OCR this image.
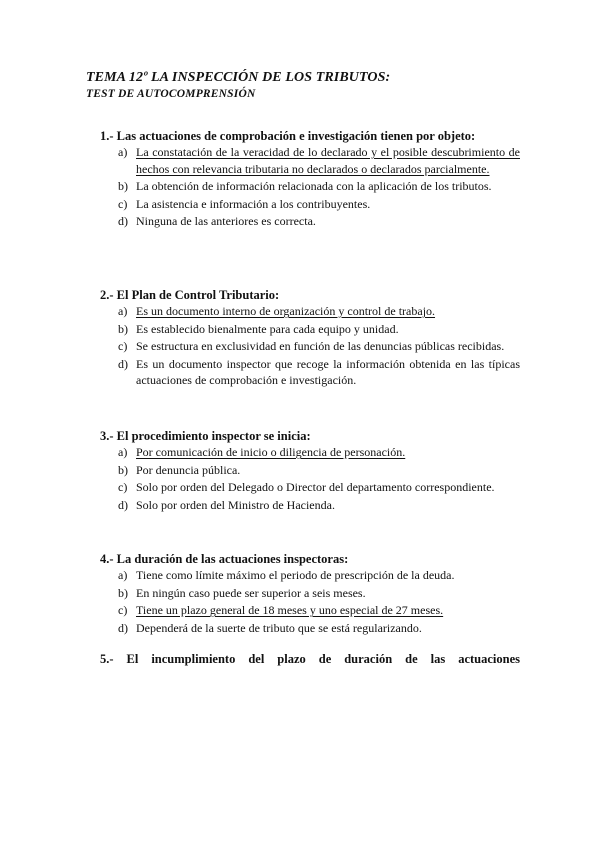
TEMA 12º LA INSPECCIÓN DE LOS TRIBUTOS:
TEST DE AUTOCOMPRENSIÓN

1.- Las actuaciones de comprobación e investigación tienen por objeto:

a) La constatación de la veracidad de lo declarado y el posible descubrimiento de hechos con relevancia tributaria no declarados o declarados parcialmente.
b) La obtención de información relacionada con la aplicación de los tributos.
c) La asistencia e información a los contribuyentes.
d) Ninguna de las anteriores es correcta.

2.- El Plan de Control Tributario:

a) Es un documento interno de organización y control de trabajo.
b) Es establecido bienalmente para cada equipo y unidad.
c) Se estructura en exclusividad en función de las denuncias públicas recibidas.
d) Es un documento inspector que recoge la información obtenida en las típicas actuaciones de comprobación e investigación.

3.- El procedimiento inspector se inicia:

a) Por comunicación de inicio o diligencia de personación.
b) Por denuncia pública.
c) Solo por orden del Delegado o Director del departamento correspondiente.
d) Solo por orden del Ministro de Hacienda.

4.- La duración de las actuaciones inspectoras:

a) Tiene como límite máximo el periodo de prescripción de la deuda.
b) En ningún caso puede ser superior a seis meses.
c) Tiene un plazo general de 18 meses y uno especial de 27 meses.
d) Dependerá de la suerte de tributo que se está regularizando.

5.- El incumplimiento del plazo de duración de las actuaciones
